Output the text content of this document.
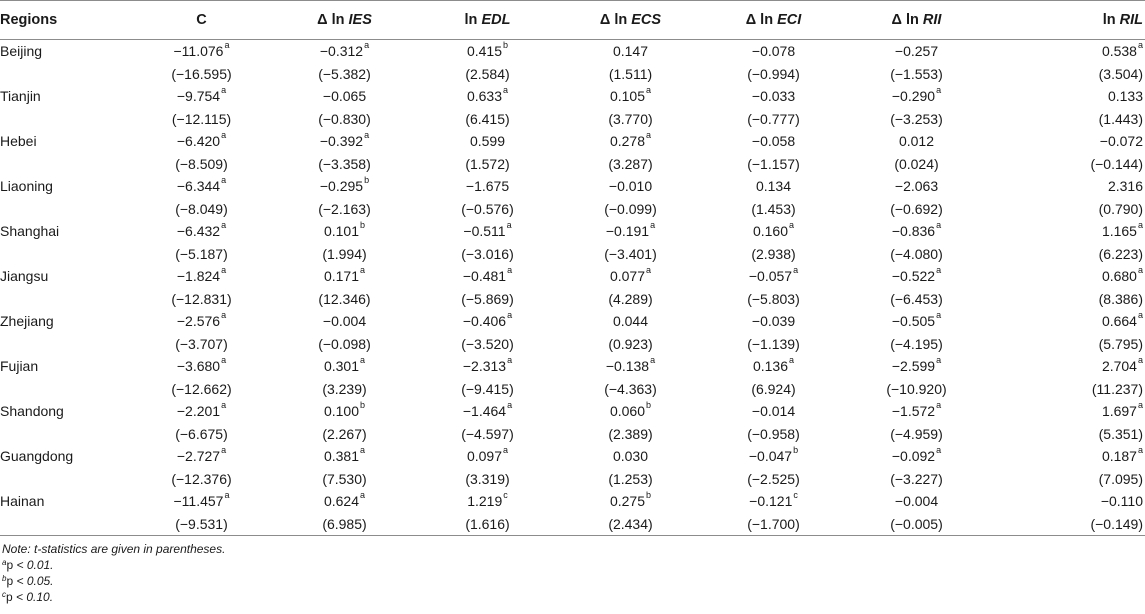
Regions	C	Δ ln IES	ln EDL	Δ ln ECS	Δ ln ECI	Δ ln RII	ln RIL
Beijing	−11.076$^a$	−0.312$^a$	0.415$^b$	0.147	−0.078	−0.257	0.538$^a$
	(−16.595)	(−5.382)	(2.584)	(1.511)	(−0.994)	(−1.553)	(3.504)
Tianjin	−9.754$^a$	−0.065	0.633$^a$	0.105$^a$	−0.033	−0.290$^a$	0.133
	(−12.115)	(−0.830)	(6.415)	(3.770)	(−0.777)	(−3.253)	(1.443)
Hebei	−6.420$^a$	−0.392$^a$	0.599	0.278$^a$	−0.058	0.012	−0.072
	(−8.509)	(−3.358)	(1.572)	(3.287)	(−1.157)	(0.024)	(−0.144)
Liaoning	−6.344$^a$	−0.295$^b$	−1.675	−0.010	0.134	−2.063	2.316
	(−8.049)	(−2.163)	(−0.576)	(−0.099)	(1.453)	(−0.692)	(0.790)
Shanghai	−6.432$^a$	0.101$^b$	−0.511$^a$	−0.191$^a$	0.160$^a$	−0.836$^a$	1.165$^a$
	(−5.187)	(1.994)	(−3.016)	(−3.401)	(2.938)	(−4.080)	(6.223)
Jiangsu	−1.824$^a$	0.171$^a$	−0.481$^a$	0.077$^a$	−0.057$^a$	−0.522$^a$	0.680$^a$
	(−12.831)	(12.346)	(−5.869)	(4.289)	(−5.803)	(−6.453)	(8.386)
Zhejiang	−2.576$^a$	−0.004	−0.406$^a$	0.044	−0.039	−0.505$^a$	0.664$^a$
	(−3.707)	(−0.098)	(−3.520)	(0.923)	(−1.139)	(−4.195)	(5.795)
Fujian	−3.680$^a$	0.301$^a$	−2.313$^a$	−0.138$^a$	0.136$^a$	−2.599$^a$	2.704$^a$
	(−12.662)	(3.239)	(−9.415)	(−4.363)	(6.924)	(−10.920)	(11.237)
Shandong	−2.201$^a$	0.100$^b$	−1.464$^a$	0.060$^b$	−0.014	−1.572$^a$	1.697$^a$
	(−6.675)	(2.267)	(−4.597)	(2.389)	(−0.958)	(−4.959)	(5.351)
Guangdong	−2.727$^a$	0.381$^a$	0.097$^a$	0.030	−0.047$^b$	−0.092$^a$	0.187$^a$
	(−12.376)	(7.530)	(3.319)	(1.253)	(−2.525)	(−3.227)	(7.095)
Hainan	−11.457$^a$	0.624$^a$	1.219$^c$	0.275$^b$	−0.121$^c$	−0.004	−0.110
	(−9.531)	(6.985)	(1.616)	(2.434)	(−1.700)	(−0.005)	(−0.149)
Note: t-statistics are given in parentheses.
$^a$p < 0.01.
$^b$p < 0.05.
$^c$p < 0.10.
